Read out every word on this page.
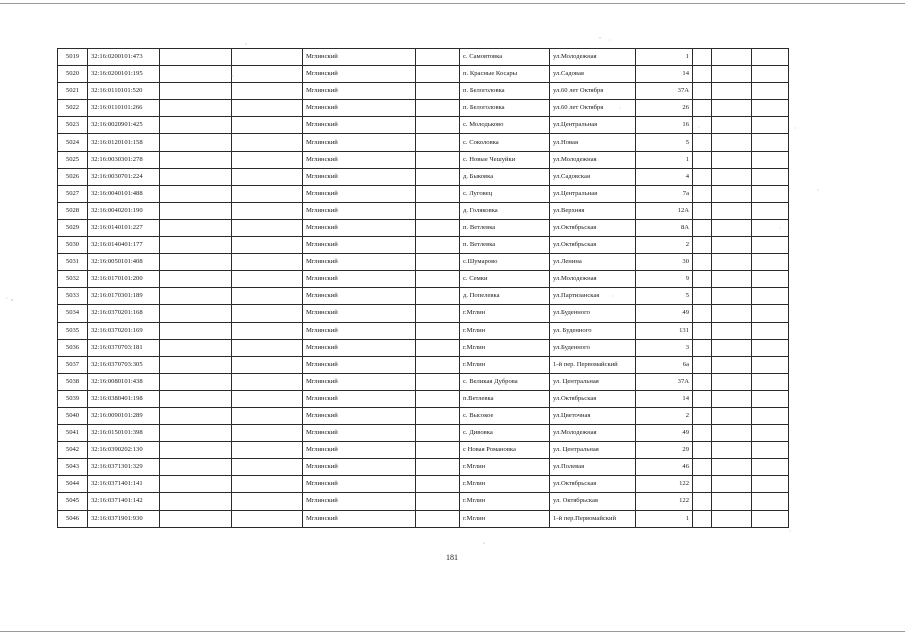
5019	32:16:0200101:473			Мглинский		с. Самовтовка	ул.Молодежная	1			
5020	32:16:0200101:195			Мглинский		п. Красные Косары	ул.Садовая	14			
5021	32:16:0110101:520			Мглинский		п. Белоголовка	ул.60 лет Октября	37А			
5022	32:16:0110101:266			Мглинский		п. Белоголовка	ул.60 лет Октября	26			
5023	32:16:0020901:425			Мглинский		с. Молодьково	ул.Центральная	16			
5024	32:16:0120101:158			Мглинский		с. Соколовка	ул.Новая	5			
5025	32:16:0030301:278			Мглинский		с. Новые Чешуйки	ул.Молодежная	1			
5026	32:16:0030701:224			Мглинский		д. Быковка	ул.Садовская	4			
5027	32:16:0040101:488			Мглинский		с. Луговец	ул.Центральная	7а			
5028	32:16:0040201:190			Мглинский		д. Голяковка	ул.Верхняя	12А			
5029	32:16:0140101:227			Мглинский		п. Ветлевка	ул.Октябрьская	8А			
5030	32:16:0140401:177			Мглинский		п. Ветлевка	ул.Октябрьская	2			
5031	32:16:0050101:408			Мглинский		с.Шумарово	ул.Ленина	30			
5032	32:16:0170101:200			Мглинский		с. Семки	ул.Молодежная	9			
5033	32:16:0170301:189			Мглинский		д. Попелевка	ул.Партизанская	5			
5034	32:16:0370201:168			Мглинский		г.Мглин	ул.Буденного	49			
5035	32:16:0370201:169			Мглинский		г.Мглин	ул. Буденного	131			
5036	32:16:0370703:181			Мглинский		г.Мглин	ул.Буденного	3			
5037	32:16:0370703:305			Мглинский		г.Мглин	1-й пер. Первомайский	6а			
5038	32:16:0080101:438			Мглинский		с. Великая Дуброва	ул. Центральная	37А			
5039	32:16:0380401:198			Мглинский		п.Ветлевка	ул.Октябрьская	14			
5040	32:16:0090101:289			Мглинский		с. Высокое	ул.Цветочная	2			
5041	32:16:0150101:398			Мглинский		с. Дивовка	ул.Молодежная	49			
5042	32:16:0390202:130			Мглинский		с Новая Романовка	ул. Центральная	29			
5043	32:16:0371301:329			Мглинский		г.Мглин	ул.Полевая	46			
5044	32:16:0371401:141			Мглинский		г.Мглин	ул.Октябрьская	122			
5045	32:16:0371401:142			Мглинский		г.Мглин	ул. Октябрьская	122			
5046	32:16:0371901:930			Мглинский		г.Мглин	1-й пер.Первомайский	1			
181
